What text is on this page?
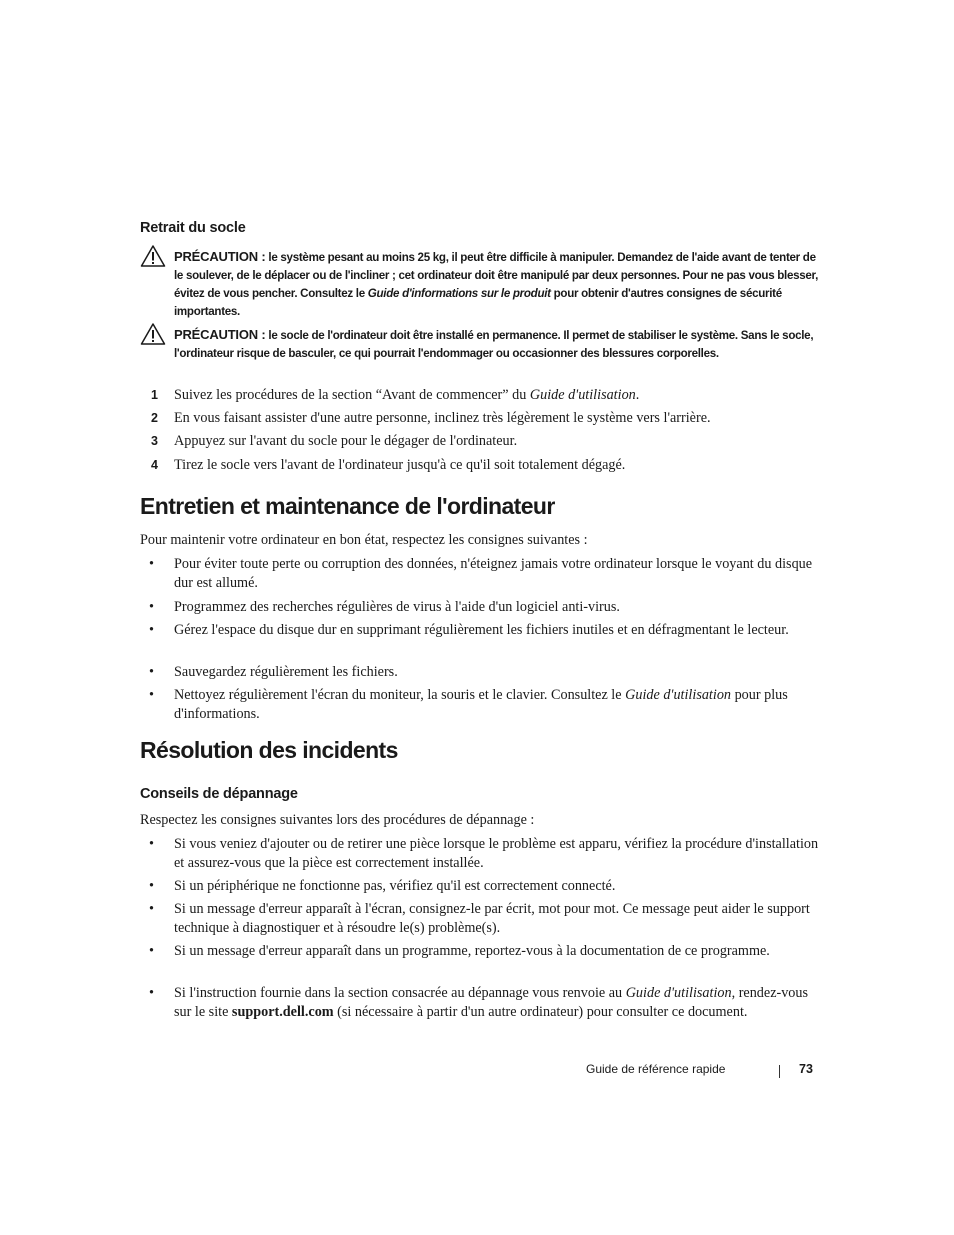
Retrait du socle
PRÉCAUTION : le système pesant au moins 25 kg, il peut être difficile à manipuler. Demandez de l'aide avant de tenter de le soulever, de le déplacer ou de l'incliner ; cet ordinateur doit être manipulé par deux personnes. Pour ne pas vous blesser, évitez de vous pencher. Consultez le Guide d'informations sur le produit pour obtenir d'autres consignes de sécurité importantes.
PRÉCAUTION : le socle de l'ordinateur doit être installé en permanence. Il permet de stabiliser le système. Sans le socle, l'ordinateur risque de basculer, ce qui pourrait l'endommager ou occasionner des blessures corporelles.
1 Suivez les procédures de la section “Avant de commencer” du Guide d'utilisation.
2 En vous faisant assister d'une autre personne, inclinez très légèrement le système vers l'arrière.
3 Appuyez sur l'avant du socle pour le dégager de l'ordinateur.
4 Tirez le socle vers l'avant de l'ordinateur jusqu'à ce qu'il soit totalement dégagé.
Entretien et maintenance de l'ordinateur
Pour maintenir votre ordinateur en bon état, respectez les consignes suivantes :
• Pour éviter toute perte ou corruption des données, n'éteignez jamais votre ordinateur lorsque le voyant du disque dur est allumé.
• Programmez des recherches régulières de virus à l'aide d'un logiciel anti-virus.
• Gérez l'espace du disque dur en supprimant régulièrement les fichiers inutiles et en défragmentant le lecteur.
• Sauvegardez régulièrement les fichiers.
• Nettoyez régulièrement l'écran du moniteur, la souris et le clavier. Consultez le Guide d'utilisation pour plus d'informations.
Résolution des incidents
Conseils de dépannage
Respectez les consignes suivantes lors des procédures de dépannage :
• Si vous veniez d'ajouter ou de retirer une pièce lorsque le problème est apparu, vérifiez la procédure d'installation et assurez-vous que la pièce est correctement installée.
• Si un périphérique ne fonctionne pas, vérifiez qu'il est correctement connecté.
• Si un message d'erreur apparaît à l'écran, consignez-le par écrit, mot pour mot. Ce message peut aider le support technique à diagnostiquer et à résoudre le(s) problème(s).
• Si un message d'erreur apparaît dans un programme, reportez-vous à la documentation de ce programme.
• Si l'instruction fournie dans la section consacrée au dépannage vous renvoie au Guide d'utilisation, rendez-vous sur le site support.dell.com (si nécessaire à partir d'un autre ordinateur) pour consulter ce document.
Guide de référence rapide	73
